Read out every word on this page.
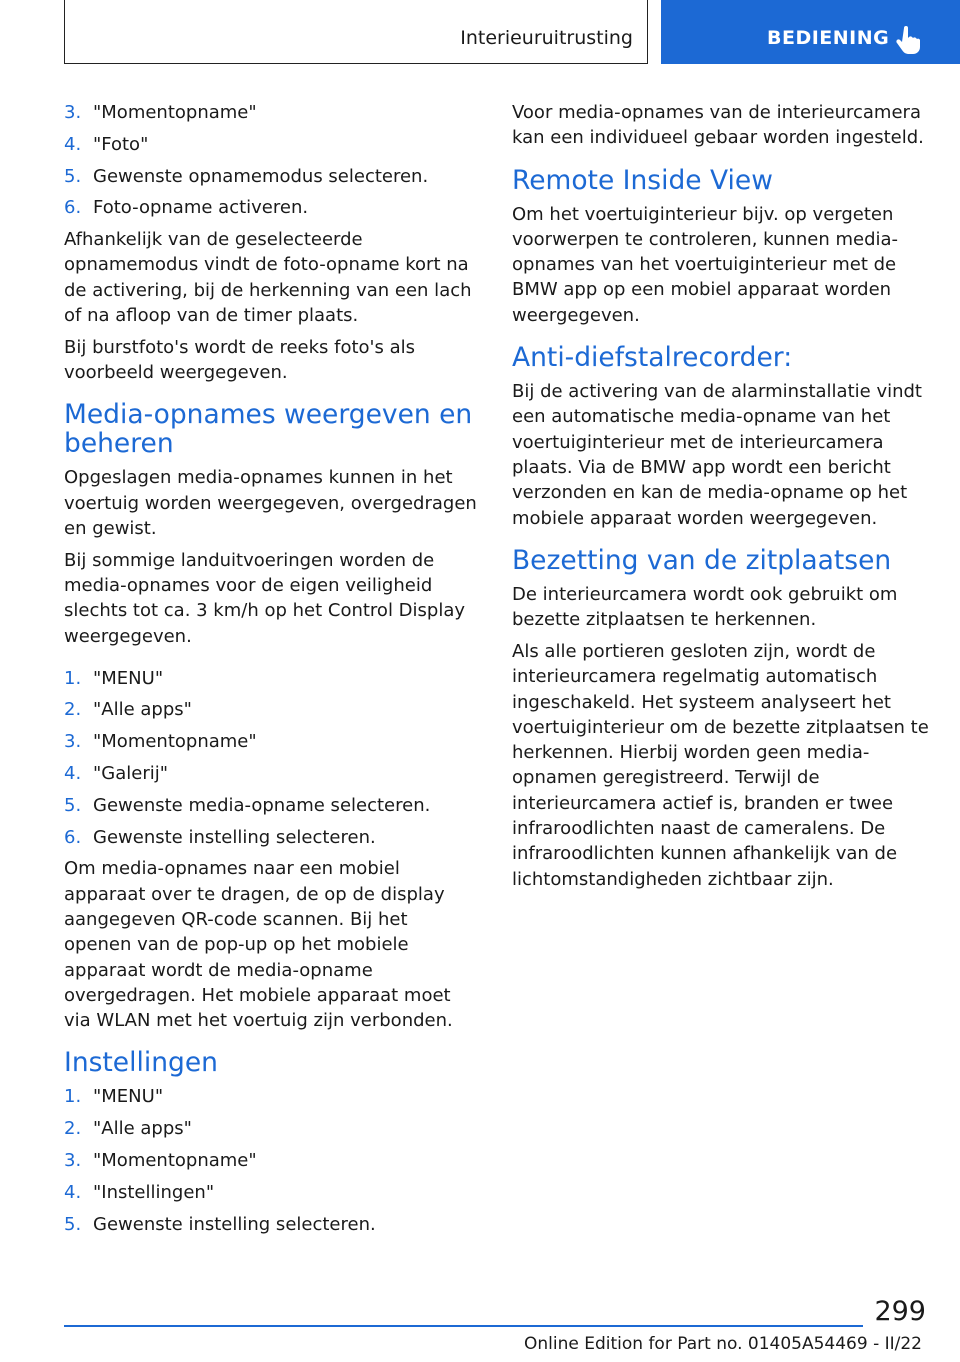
Interieuruitrusting	BEDIENING
3. "Momentopname"
4. "Foto"
5. Gewenste opnamemodus selecteren.
6. Foto-opname activeren.

Afhankelijk van de geselecteerde opnamemodus vindt de foto-opname kort na de activering, bij de herkenning van een lach of na afloop van de timer plaats.

Bij burstfoto's wordt de reeks foto's als voorbeeld weergegeven.

Media-opnames weergeven en beheren

Opgeslagen media-opnames kunnen in het voertuig worden weergegeven, overgedragen en gewist.

Bij sommige landuitvoeringen worden de media-opnames voor de eigen veiligheid slechts tot ca. 3 km/h op het Control Display weergegeven.

1. "MENU"
2. "Alle apps"
3. "Momentopname"
4. "Galerij"
5. Gewenste media-opname selecteren.
6. Gewenste instelling selecteren.

Om media-opnames naar een mobiel apparaat over te dragen, de op de display aangegeven QR-code scannen. Bij het openen van de pop-up op het mobiele apparaat wordt de media-opname overgedragen. Het mobiele apparaat moet via WLAN met het voertuig zijn verbonden.

Instellingen
1. "MENU"
2. "Alle apps"
3. "Momentopname"
4. "Instellingen"
5. Gewenste instelling selecteren.

Voor media-opnames van de interieurcamera kan een individueel gebaar worden ingesteld.

Remote Inside View

Om het voertuiginterieur bijv. op vergeten voorwerpen te controleren, kunnen media-opnames van het voertuiginterieur met de BMW app op een mobiel apparaat worden weergegeven.

Anti-diefstalrecorder:

Bij de activering van de alarminstallatie vindt een automatische media-opname van het voertuiginterieur met de interieurcamera plaats. Via de BMW app wordt een bericht verzonden en kan de media-opname op het mobiele apparaat worden weergegeven.

Bezetting van de zitplaatsen

De interieurcamera wordt ook gebruikt om bezette zitplaatsen te herkennen.

Als alle portieren gesloten zijn, wordt de interieurcamera regelmatig automatisch ingeschakeld. Het systeem analyseert het voertuiginterieur om de bezette zitplaatsen te herkennen. Hierbij worden geen media-opnamen geregistreerd. Terwijl de interieurcamera actief is, branden er twee infraroodlichten naast de cameralens. De infraroodlichten kunnen afhankelijk van de lichtomstandigheden zichtbaar zijn.

299
Online Edition for Part no. 01405A54469 - II/22
